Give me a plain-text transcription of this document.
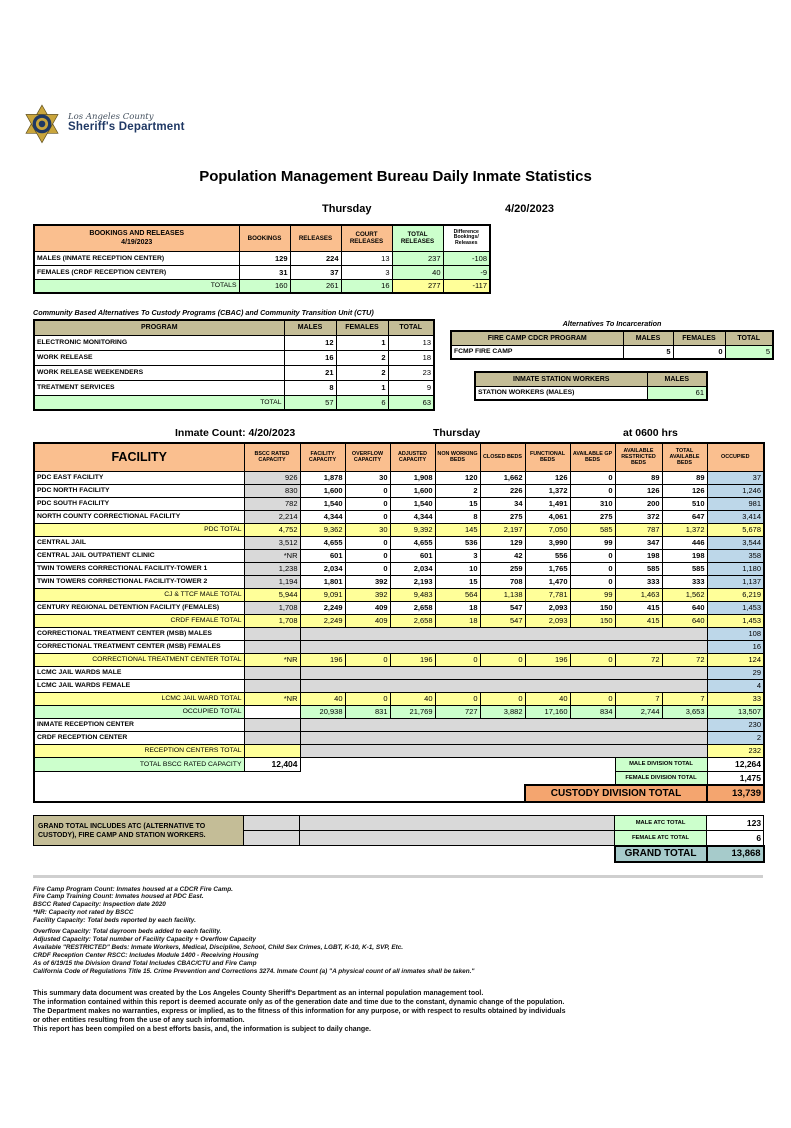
Los Angeles County
Sheriff's Department
Population Management Bureau Daily Inmate Statistics
Thursday	4/20/2023
BOOKINGS AND RELEASES
4/19/2023	BOOKINGS	RELEASES	COURT RELEASES	TOTAL RELEASES	Difference Bookings/ Releases
MALES (INMATE RECEPTION CENTER)	129	224	13	237	-108
FEMALES (CRDF RECEPTION CENTER)	31	37	3	40	-9
TOTALS	160	261	16	277	-117
Community Based Alternatives To Custody Programs (CBAC) and Community Transition Unit (CTU)
PROGRAM	MALES	FEMALES	TOTAL
ELECTRONIC MONITORING	12	1	13
WORK RELEASE	16	2	18
WORK RELEASE WEEKENDERS	21	2	23
TREATMENT SERVICES	8	1	9
TOTAL	57	6	63
Alternatives To Incarceration
FIRE CAMP CDCR PROGRAM	MALES	FEMALES	TOTAL
FCMP FIRE CAMP	5	0	5
INMATE STATION WORKERS	MALES
STATION WORKERS (MALES)	61
Inmate Count: 4/20/2023	Thursday	at 0600 hrs
FACILITY	BSCC RATED CAPACITY	FACILITY CAPACITY	OVERFLOW CAPACITY	ADJUSTED CAPACITY	NON WORKING BEDS	CLOSED BEDS	FUNCTIONAL BEDS	AVAILABLE GP BEDS	AVAILABLE RESTRICTED BEDS	TOTAL AVAILABLE BEDS	OCCUPIED
PDC EAST FACILITY	926	1,878	30	1,908	120	1,662	126	0	89	89	37
PDC NORTH FACILITY	830	1,600	0	1,600	2	226	1,372	0	126	126	1,246
PDC SOUTH FACILITY	782	1,540	0	1,540	15	34	1,491	310	200	510	981
NORTH COUNTY CORRECTIONAL FACILITY	2,214	4,344	0	4,344	8	275	4,061	275	372	647	3,414
PDC TOTAL	4,752	9,362	30	9,392	145	2,197	7,050	585	787	1,372	5,678
CENTRAL JAIL	3,512	4,655	0	4,655	536	129	3,990	99	347	446	3,544
CENTRAL JAIL OUTPATIENT CLINIC	*NR	601	0	601	3	42	556	0	198	198	358
TWIN TOWERS CORRECTIONAL FACILITY-TOWER 1	1,238	2,034	0	2,034	10	259	1,765	0	585	585	1,180
TWIN TOWERS CORRECTIONAL FACILITY-TOWER 2	1,194	1,801	392	2,193	15	708	1,470	0	333	333	1,137
CJ & TTCF MALE TOTAL	5,944	9,091	392	9,483	564	1,138	7,781	99	1,463	1,562	6,219
CENTURY REGIONAL DETENTION FACILITY (FEMALES)	1,708	2,249	409	2,658	18	547	2,093	150	415	640	1,453
CRDF FEMALE TOTAL	1,708	2,249	409	2,658	18	547	2,093	150	415	640	1,453
CORRECTIONAL TREATMENT CENTER (MSB) MALES											108
CORRECTIONAL TREATMENT CENTER (MSB) FEMALES											16
CORRECTIONAL TREATMENT CENTER TOTAL	*NR	196	0	196	0	0	196	0	72	72	124
LCMC JAIL WARDS MALE											29
LCMC JAIL WARDS FEMALE											4
LCMC JAIL WARD TOTAL	*NR	40	0	40	0	0	40	0	7	7	33
OCCUPIED TOTAL		20,938	831	21,769	727	3,882	17,160	834	2,744	3,653	13,507
INMATE RECEPTION CENTER											230
CRDF RECEPTION CENTER											2
RECEPTION CENTERS TOTAL											232
TOTAL BSCC RATED CAPACITY	12,404								MALE DIVISION TOTAL		12,264
									FEMALE DIVISION TOTAL		1,475
							CUSTODY DIVISION TOTAL				13,739
GRAND TOTAL INCLUDES ATC (ALTERNATIVE TO CUSTODY), FIRE CAMP AND STATION WORKERS.			MALE ATC TOTAL	123
			FEMALE ATC TOTAL	6
			GRAND TOTAL	13,868
Fire Camp Program Count: Inmates housed at a CDCR Fire Camp.
Fire Camp Training Count: Inmates housed at PDC East.
BSCC Rated Capacity: Inspection date 2020
*NR: Capacity not rated by BSCC
Facility Capacity: Total beds reported by each facility.
Overflow Capacity: Total dayroom beds added to each facility.
Adjusted Capacity: Total number of Facility Capacity + Overflow Capacity
Available "RESTRICTED" Beds: Inmate Workers, Medical, Discipline, School, Child Sex Crimes, LGBT, K-10, K-1, SVP, Etc.
CRDF Reception Center RSCC: Includes Module 1400 - Receiving Housing
As of 6/19/15 the Division Grand Total Includes CBAC/CTU and Fire Camp
California Code of Regulations Title 15. Crime Prevention and Corrections 3274. Inmate Count (a) "A physical count of all inmates shall be taken."
This summary data document was created by the Los Angeles County Sheriff's Department as an internal population management tool.
The information contained within this report is deemed accurate only as of the generation date and time due to the constant, dynamic change of the population.
The Department makes no warranties, express or implied, as to the fitness of this information for any purpose, or with respect to results obtained by individuals
or other entities resulting from the use of any such information.
This report has been compiled on a best efforts basis, and, the information is subject to daily change.
